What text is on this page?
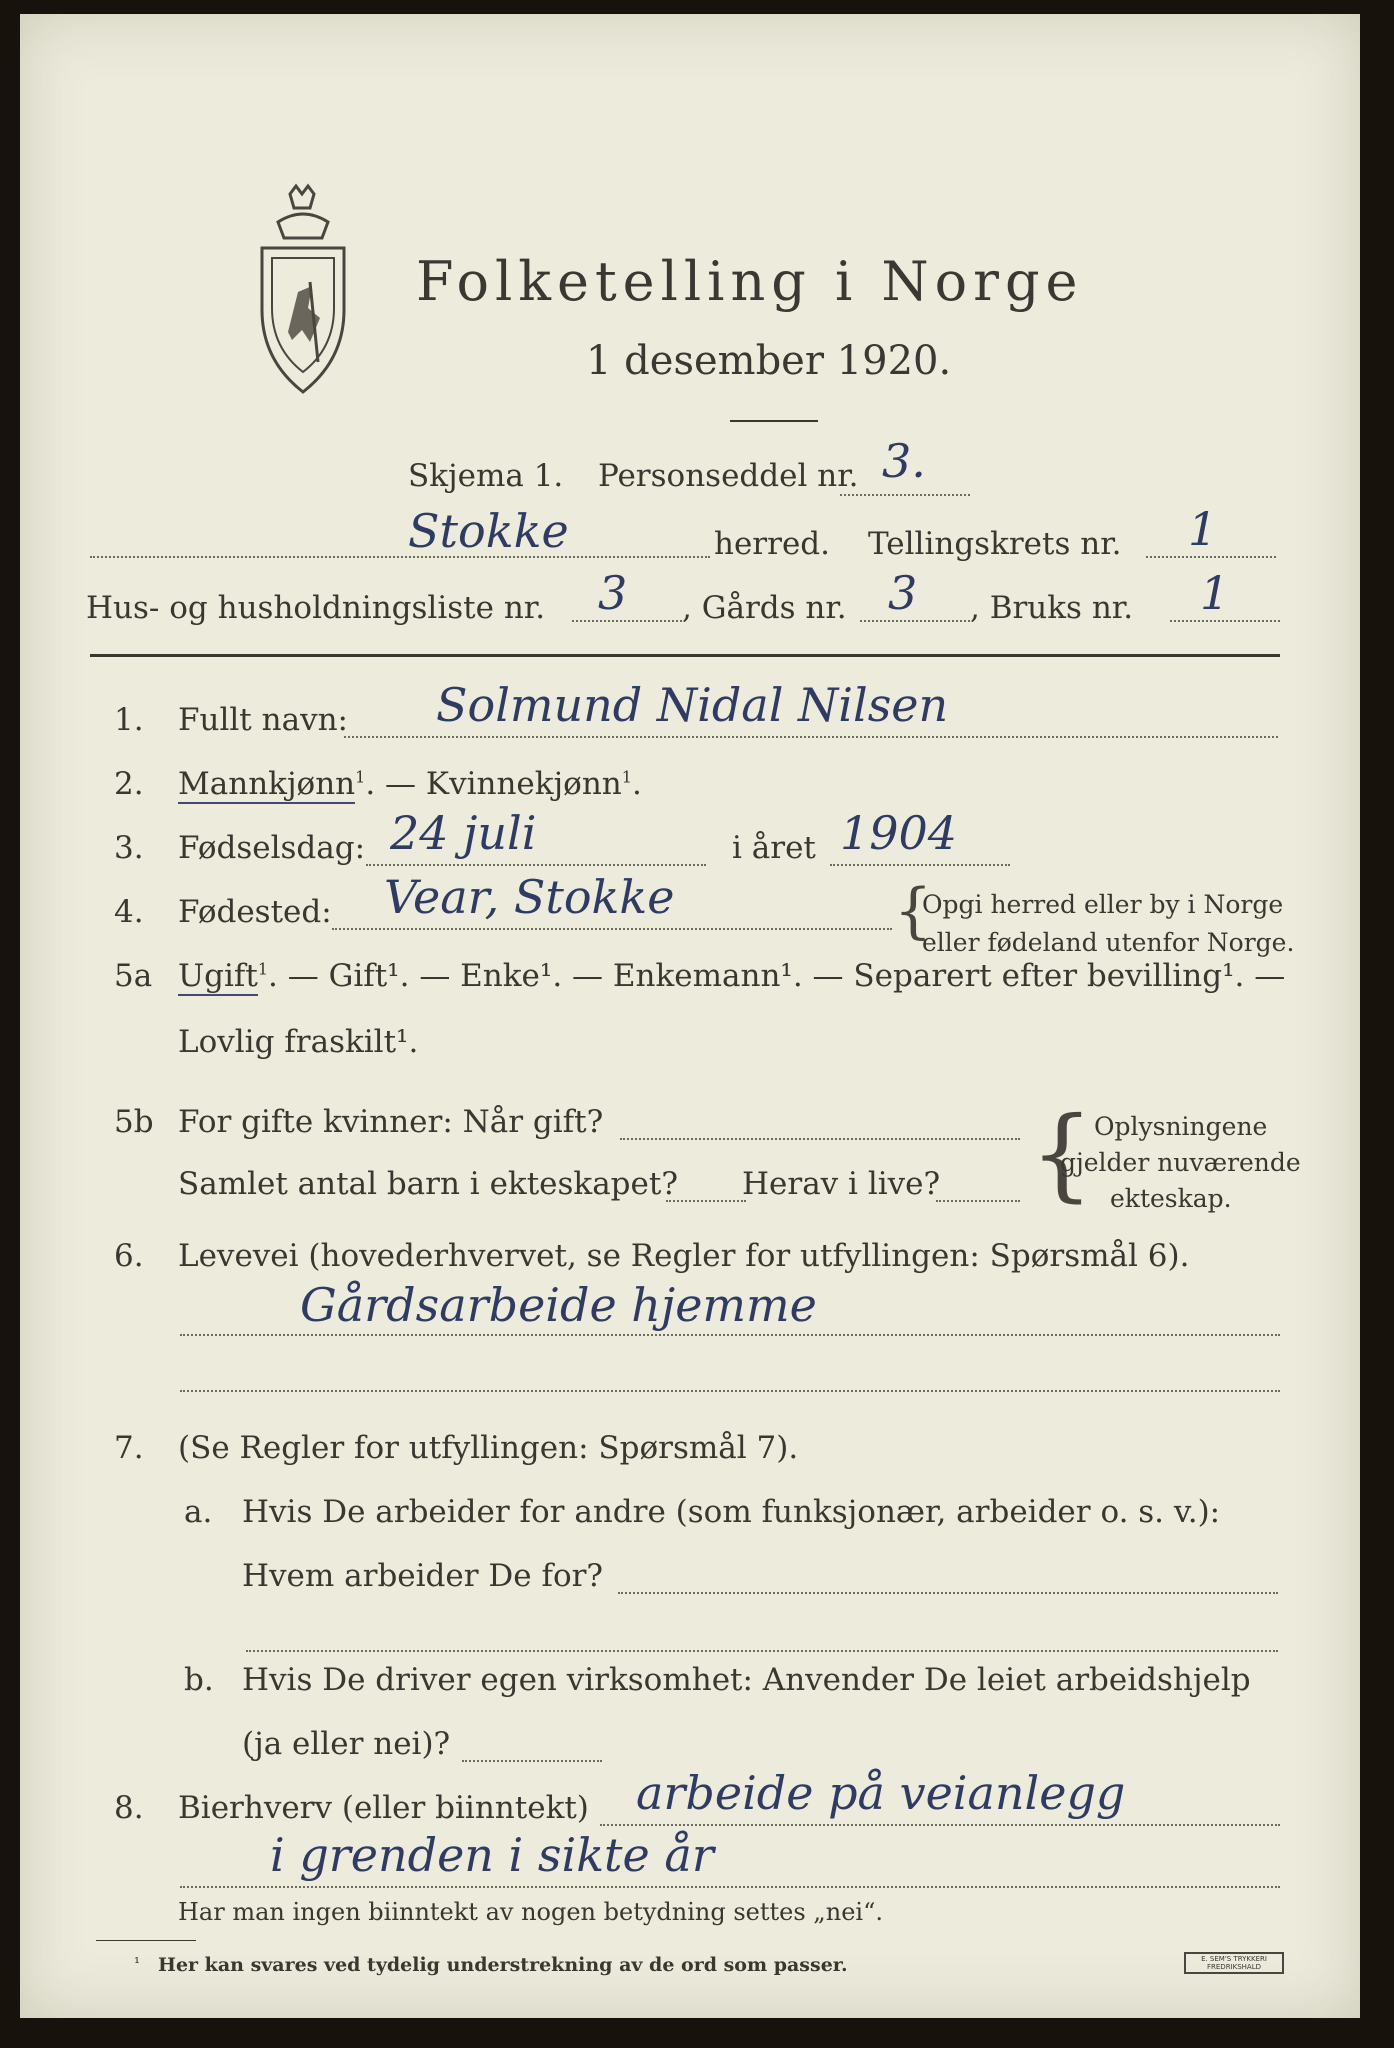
Folketelling i Norge
1 desember 1920.
Skjema 1. Personseddel nr. 3.
Stokke	herred. Tellingskrets nr. 1
Hus- og husholdningsliste nr. 3 , Gårds nr. 3 , Bruks nr. 1
1. Fullt navn: Solmund Nidal Nilsen
2. Mannkjønn$^1$. — Kvinnekjønn$^1$.
3. Fødselsdag: 24 juli	i året 1904
4. Fødested: Vear, Stokke	{
Opgi herred eller by i Norge
eller fødeland utenfor Norge.
5a Ugift$^1$. — Gift¹. — Enke¹. — Enkemann¹. — Separert efter bevilling¹. —
Lovlig fraskilt¹.
5b For gifte kvinner: Når gift?
Samlet antal barn i ekteskapet? Herav i live? { Oplysningene
gjelder nuværende
ekteskap.
6. Levevei (hovederhvervet, se Regler for utfyllingen: Spørsmål 6).
Gårdsarbeide hjemme
7. (Se Regler for utfyllingen: Spørsmål 7).
a. Hvis De arbeider for andre (som funksjonær, arbeider o. s. v.):
Hvem arbeider De for?
b. Hvis De driver egen virksomhet: Anvender De leiet arbeidshjelp
(ja eller nei)?
8. Bierhverv (eller biinntekt) arbeide på veianlegg
i grenden i sikte år
Har man ingen biinntekt av nogen betydning settes „nei“.
¹ Her kan svares ved tydelig understrekning av de ord som passer.	E. SEM'S TRYKKERI FREDRIKSHALD
